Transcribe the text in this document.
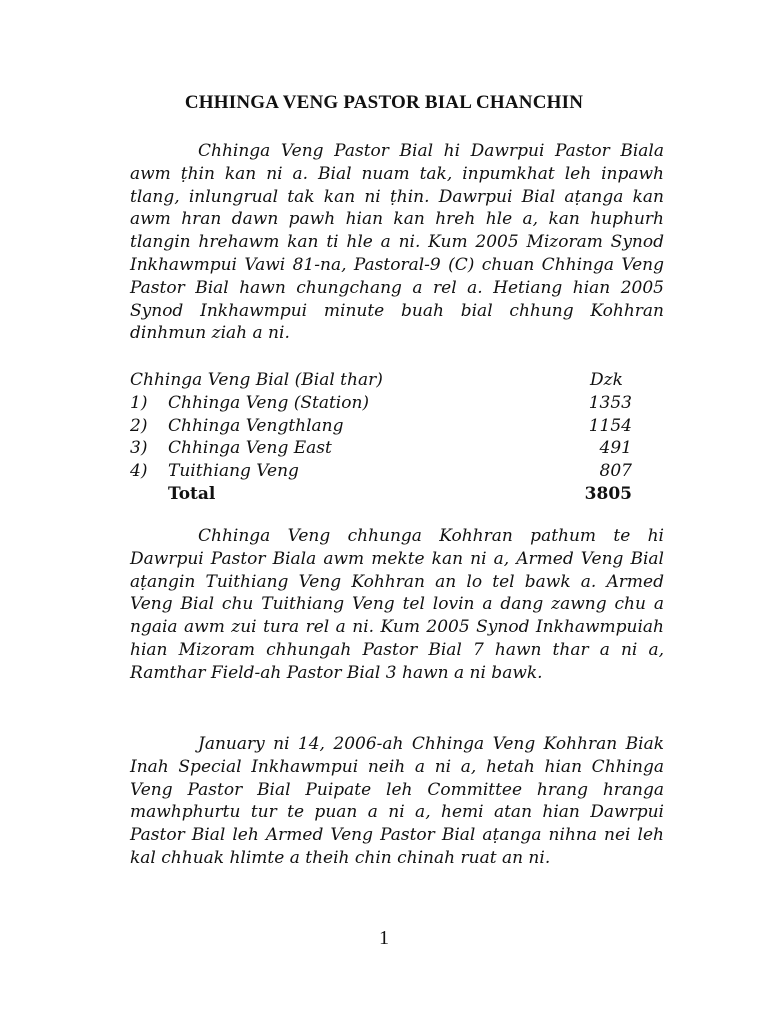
CHHINGA VENG PASTOR BIAL CHANCHIN

Chhinga Veng Pastor Bial hi Dawrpui Pastor Biala awm ṭhin kan ni a. Bial nuam tak, inpumkhat leh inpawh tlang, inlungrual tak kan ni ṭhin. Dawrpui Bial aṭanga kan awm hran dawn pawh hian kan hreh hle a, kan huphurh tlangin hrehawm kan ti hle a ni. Kum 2005 Mizoram Synod Inkhawmpui Vawi 81-na, Pastoral-9 (C) chuan Chhinga Veng Pastor Bial hawn chungchang a rel a. Hetiang hian 2005 Synod Inkhawmpui minute buah bial chhung Kohhran dinhmun ziah a ni.

Chhinga Veng Bial (Bial thar)	Dzk
1) Chhinga Veng (Station)	1353
2) Chhinga Vengthlang	1154
3) Chhinga Veng East	491
4) Tuithiang Veng	807
Total	3805

Chhinga Veng chhunga Kohhran pathum te hi Dawrpui Pastor Biala awm mekte kan ni a, Armed Veng Bial aṭangin Tuithiang Veng Kohhran an lo tel bawk a. Armed Veng Bial chu Tuithiang Veng tel lovin a dang zawng chu a ngaia awm zui tura rel a ni. Kum 2005 Synod Inkhawmpuiah hian Mizoram chhungah Pastor Bial 7 hawn thar a ni a, Ramthar Field-ah Pastor Bial 3 hawn a ni bawk.

January ni 14, 2006-ah Chhinga Veng Kohhran Biak Inah Special Inkhawmpui neih a ni a, hetah hian Chhinga Veng Pastor Bial Puipate leh Committee hrang hranga mawhphurtu tur te puan a ni a, hemi atan hian Dawrpui Pastor Bial leh Armed Veng Pastor Bial aṭanga nihna nei leh kal chhuak hlimte a theih chin chinah ruat an ni.

1
